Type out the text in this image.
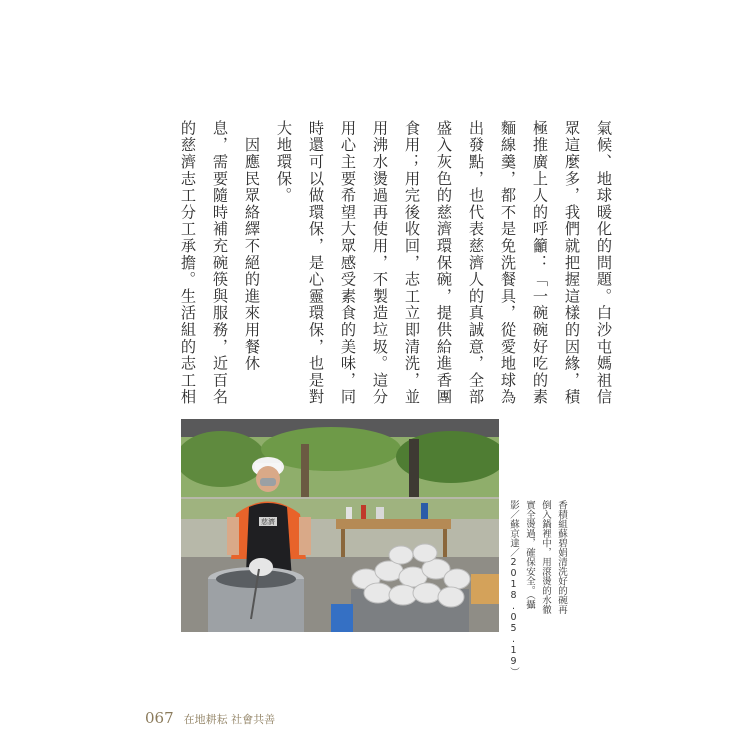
氣候、地球暖化的問題。白沙屯媽祖信
眾這麼多，我們就把握這樣的因緣，積
極推廣上人的呼籲：「一碗碗好吃的素
麵線羹，都不是免洗餐具，從愛地球為
出發點，也代表慈濟人的真誠意，全部
盛入灰色的慈濟環保碗，提供給進香團
食用；用完後收回，志工立即清洗，並
用沸水燙過再使用，不製造垃圾。這分
用心主要希望大眾感受素食的美味，同
時還可以做環保，是心靈環保，也是對
大地環保。
　因應民眾絡繹不絕的進來用餐休
息，需要隨時補充碗筷與服務，近百名
的慈濟志工分工承擔。生活組的志工相
慈濟	香積組蘇碧娟清洗好的碗再
倒入鍋裡中，用滾燙的水徹
實全燙過，確保安全。（攝
影／蘇京達／2018.05.19）
067 在地耕耘 社會共善
